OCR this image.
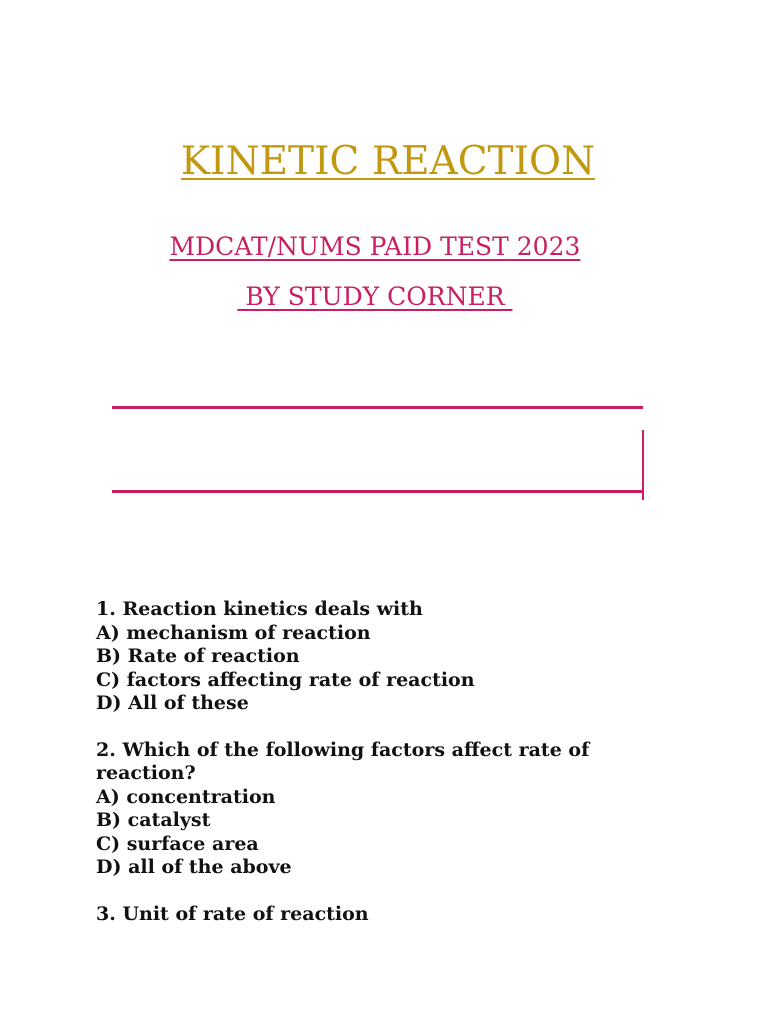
KINETIC REACTION

MDCAT/NUMS PAID TEST 2023

BY STUDY CORNER

1. Reaction kinetics deals with
A) mechanism of reaction
B) Rate of reaction
C) factors affecting rate of reaction
D) All of these
2. Which of the following factors affect rate of reaction?
A) concentration
B) catalyst
C) surface area
D) all of the above
3. Unit of rate of reaction
